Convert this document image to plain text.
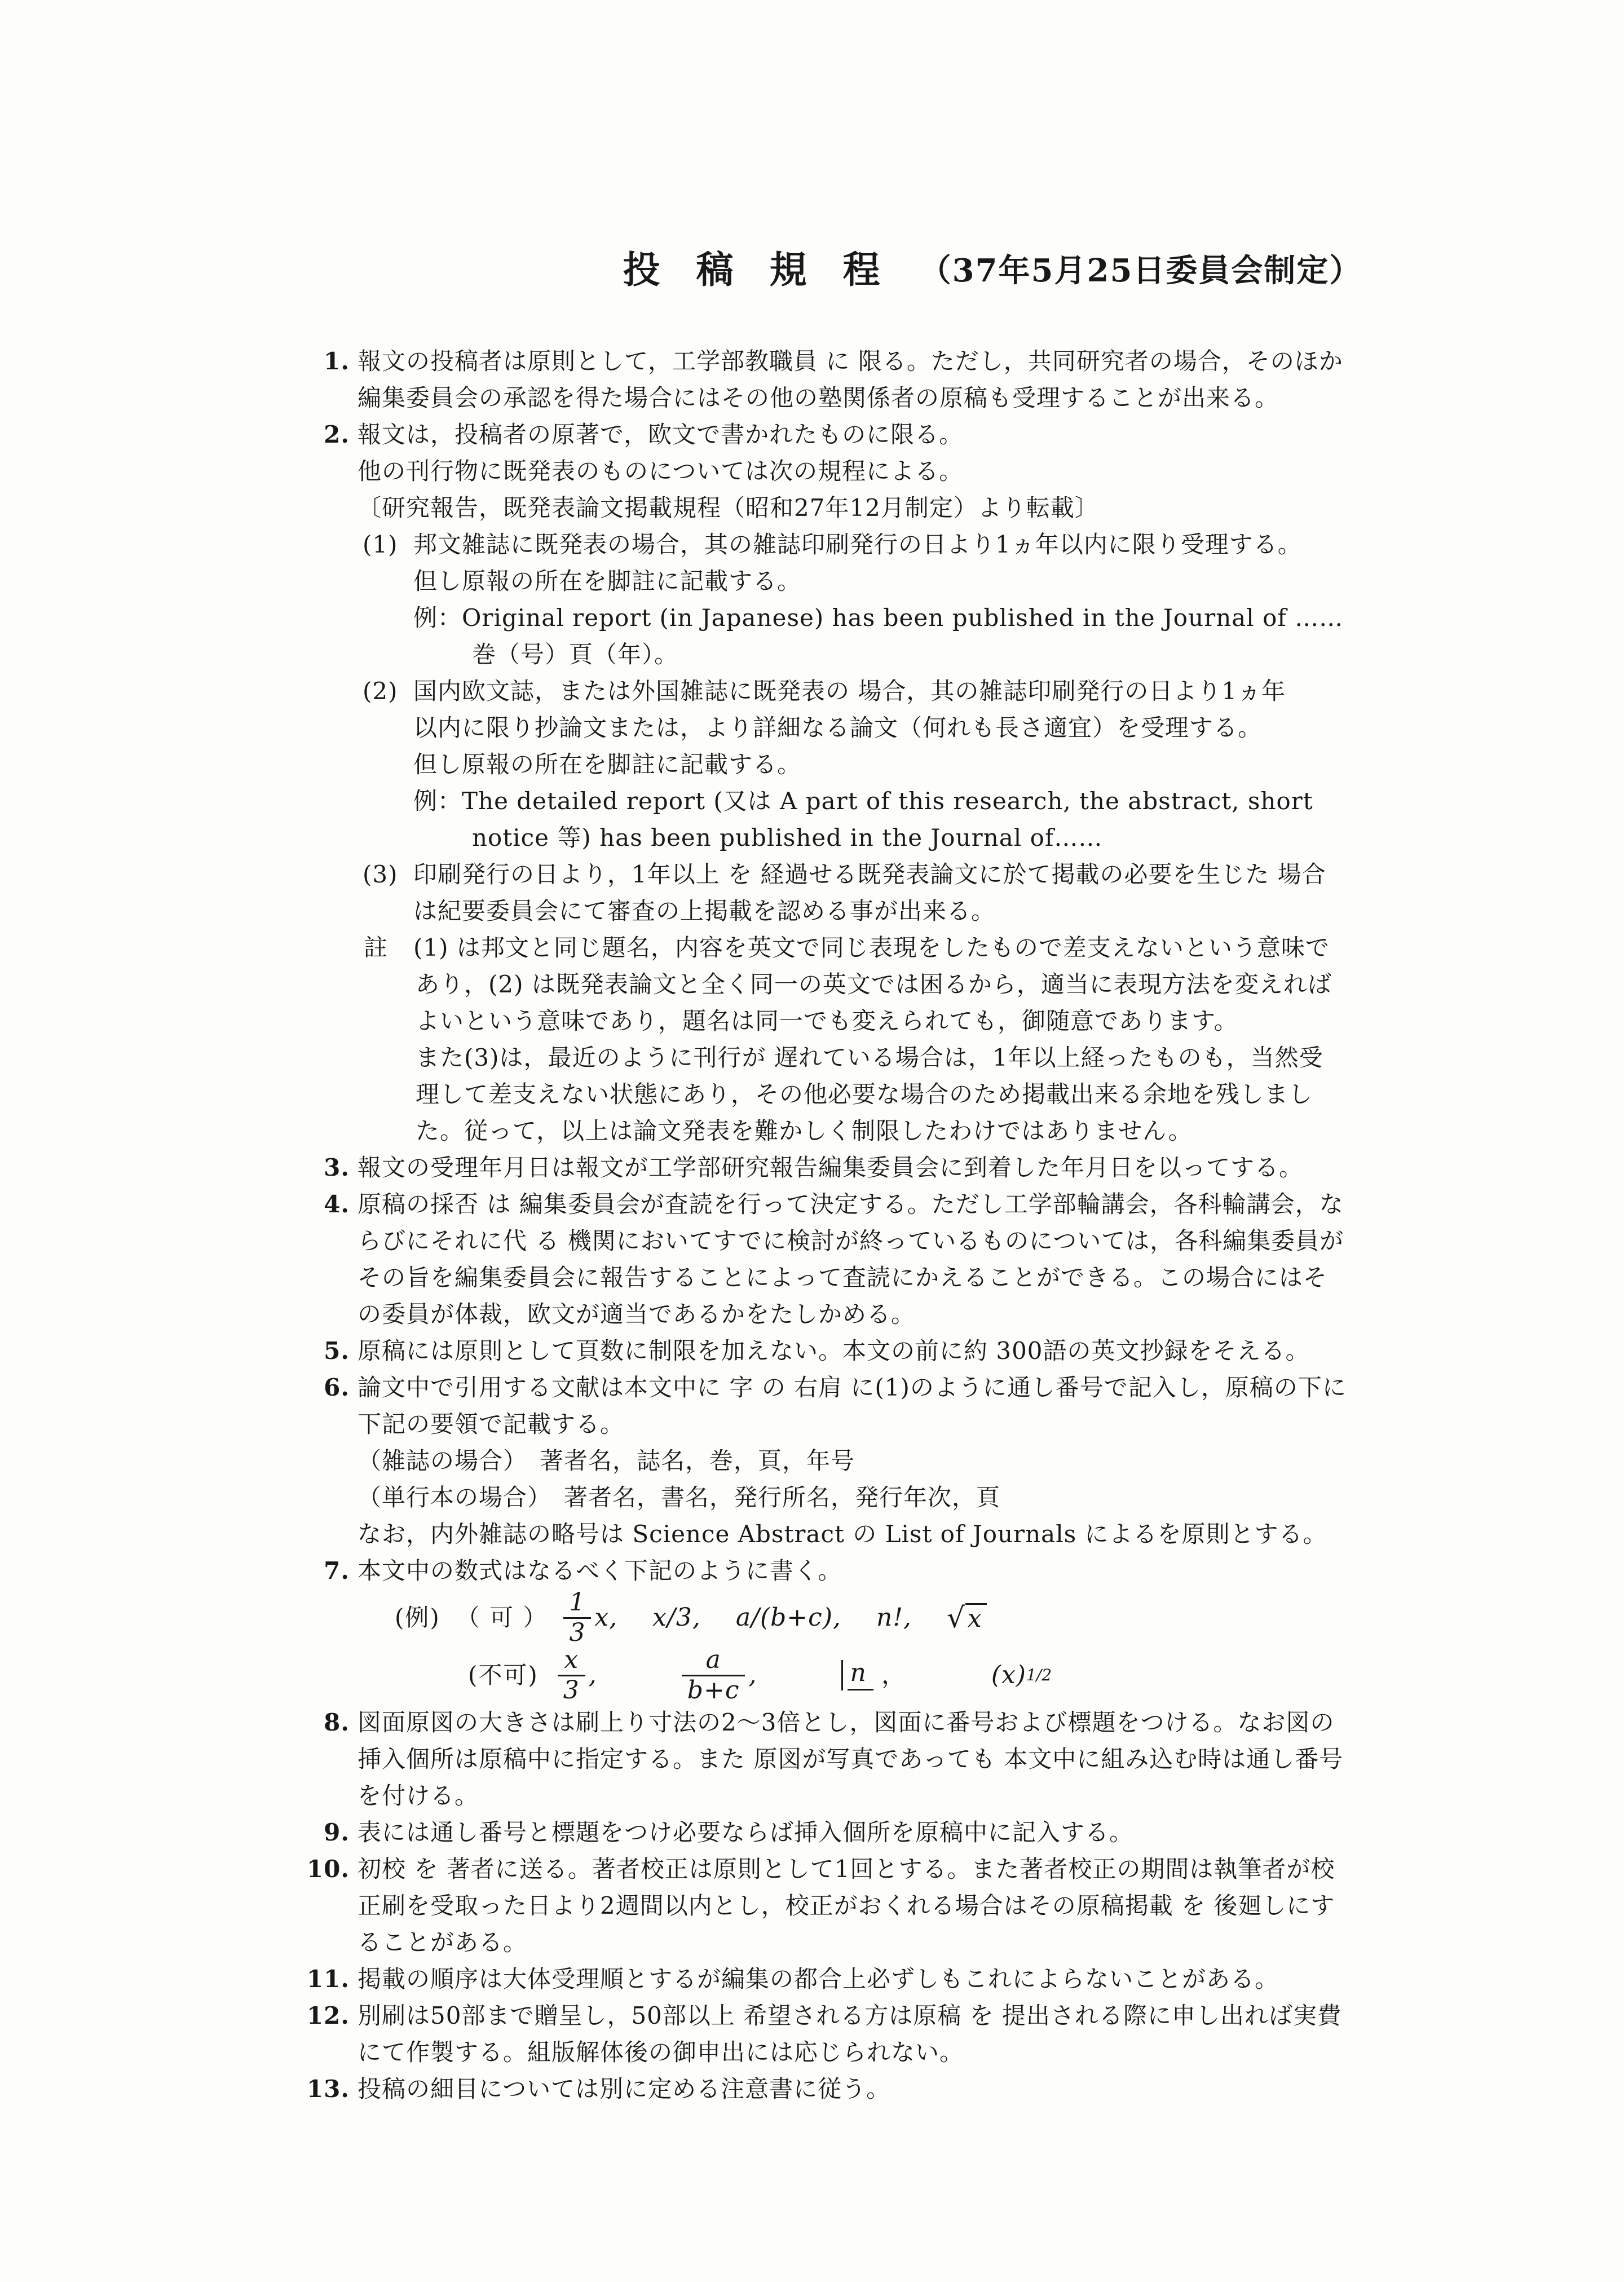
投稿規程 （37年5月25日委員会制定）
1. 報文の投稿者は原則として，工学部教職員 に 限る。ただし，共同研究者の場合，そのほか
編集委員会の承認を得た場合にはその他の塾関係者の原稿も受理することが出来る。
2. 報文は，投稿者の原著で，欧文で書かれたものに限る。
他の刊行物に既発表のものについては次の規程による。
〔研究報告，既発表論文掲載規程（昭和27年12月制定）より転載〕
(1) 邦文雑誌に既発表の場合，其の雑誌印刷発行の日より1ヵ年以内に限り受理する。
但し原報の所在を脚註に記載する。
例：Original report (in Japanese) has been published in the Journal of ……
巻（号）頁（年）。
(2) 国内欧文誌，または外国雑誌に既発表の 場合，其の雑誌印刷発行の日より1ヵ年
以内に限り抄論文または，より詳細なる論文（何れも長さ適宜）を受理する。
但し原報の所在を脚註に記載する。
例：The detailed report (又は A part of this research, the abstract, short
notice 等) has been published in the Journal of……
(3) 印刷発行の日より，1年以上 を 経過せる既発表論文に於て掲載の必要を生じた 場合
は紀要委員会にて審査の上掲載を認める事が出来る。
註 (1) は邦文と同じ題名，内容を英文で同じ表現をしたもので差支えないという意味で
あり，(2) は既発表論文と全く同一の英文では困るから，適当に表現方法を変えれば
よいという意味であり，題名は同一でも変えられても，御随意であります。
また(3)は，最近のように刊行が 遅れている場合は，1年以上経ったものも，当然受
理して差支えない状態にあり，その他必要な場合のため掲載出来る余地を残しまし
た。従って，以上は論文発表を難かしく制限したわけではありません。
3. 報文の受理年月日は報文が工学部研究報告編集委員会に到着した年月日を以ってする。
4. 原稿の採否 は 編集委員会が査読を行って決定する。ただし工学部輪講会，各科輪講会，な
らびにそれに代 る 機関においてすでに検討が終っているものについては，各科編集委員が
その旨を編集委員会に報告することによって査読にかえることができる。この場合にはそ
の委員が体裁，欧文が適当であるかをたしかめる。
5. 原稿には原則として頁数に制限を加えない。本文の前に約 300語の英文抄録をそえる。
6. 論文中で引用する文献は本文中に 字 の 右肩 に(1)のように通し番号で記入し，原稿の下に
下記の要領で記載する。
（雑誌の場合）　著者名，誌名，巻，頁，年号
（単行本の場合）　著者名，書名，発行所名，発行年次，頁
なお，内外雑誌の略号は Science Abstract の List of Journals によるを原則とする。
7. 本文中の数式はなるべく下記のように書く。
(例) （ 可 ） $\frac{1}{3} x$, x/3, a/(b+c), n!, √ x
(不可) $\frac{x}{3}$ ,	$\frac{a}{b+c}$ ,	n ，	(x) 1/2
8. 図面原図の大きさは刷上り寸法の2～3倍とし，図面に番号および標題をつける。なお図の
挿入個所は原稿中に指定する。また 原図が写真であっても 本文中に組み込む時は通し番号
を付ける。
9. 表には通し番号と標題をつけ必要ならば挿入個所を原稿中に記入する。
10. 初校 を 著者に送る。著者校正は原則として1回とする。また著者校正の期間は執筆者が校
正刷を受取った日より2週間以内とし，校正がおくれる場合はその原稿掲載 を 後廻しにす
ることがある。
11. 掲載の順序は大体受理順とするが編集の都合上必ずしもこれによらないことがある。
12. 別刷は50部まで贈呈し，50部以上 希望される方は原稿 を 提出される際に申し出れば実費
にて作製する。組版解体後の御申出には応じられない。
13. 投稿の細目については別に定める注意書に従う。
